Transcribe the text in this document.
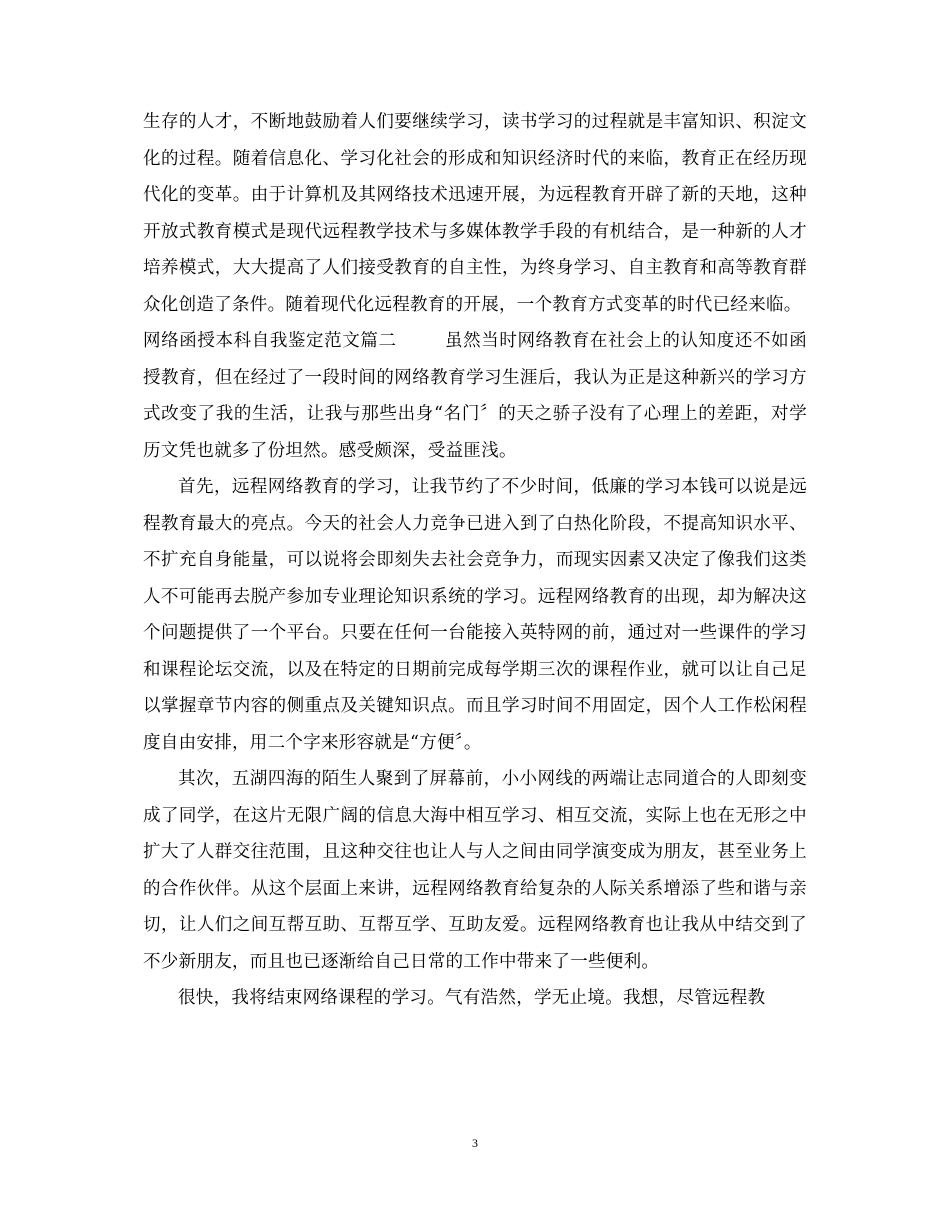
生存的人才，不断地鼓励着人们要继续学习，读书学习的过程就是丰富知识、积淀文化的过程。随着信息化、学习化社会的形成和知识经济时代的来临，教育正在经历现代化的变革。由于计算机及其网络技术迅速开展，为远程教育开辟了新的天地，这种开放式教育模式是现代远程教学技术与多媒体教学手段的有机结合，是一种新的人才培养模式，大大提高了人们接受教育的自主性，为终身学习、自主教育和高等教育群众化创造了条件。随着现代化远程教育的开展，一个教育方式变革的时代已经来临。

网络函授本科自我鉴定范文篇二	虽然当时网络教育在社会上的认知度还不如函授教育，但在经过了一段时间的网络教育学习生涯后，我认为正是这种新兴的学习方式改变了我的生活，让我与那些出身“名门〞的天之骄子没有了心理上的差距，对学历文凭也就多了份坦然。感受颇深，受益匪浅。

首先，远程网络教育的学习，让我节约了不少时间，低廉的学习本钱可以说是远程教育最大的亮点。今天的社会人力竞争已进入到了白热化阶段，不提高知识水平、不扩充自身能量，可以说将会即刻失去社会竞争力，而现实因素又决定了像我们这类人不可能再去脱产参加专业理论知识系统的学习。远程网络教育的出现，却为解决这个问题提供了一个平台。只要在任何一台能接入英特网的前，通过对一些课件的学习和课程论坛交流，以及在特定的日期前完成每学期三次的课程作业，就可以让自己足以掌握章节内容的侧重点及关键知识点。而且学习时间不用固定，因个人工作松闲程度自由安排，用二个字来形容就是“方便〞。

其次，五湖四海的陌生人聚到了屏幕前，小小网线的两端让志同道合的人即刻变成了同学，在这片无限广阔的信息大海中相互学习、相互交流，实际上也在无形之中扩大了人群交往范围，且这种交往也让人与人之间由同学演变成为朋友，甚至业务上的合作伙伴。从这个层面上来讲，远程网络教育给复杂的人际关系增添了些和谐与亲切，让人们之间互帮互助、互帮互学、互助友爱。远程网络教育也让我从中结交到了不少新朋友，而且也已逐渐给自己日常的工作中带来了一些便利。

很快，我将结束网络课程的学习。气有浩然，学无止境。我想，尽管远程教

3
